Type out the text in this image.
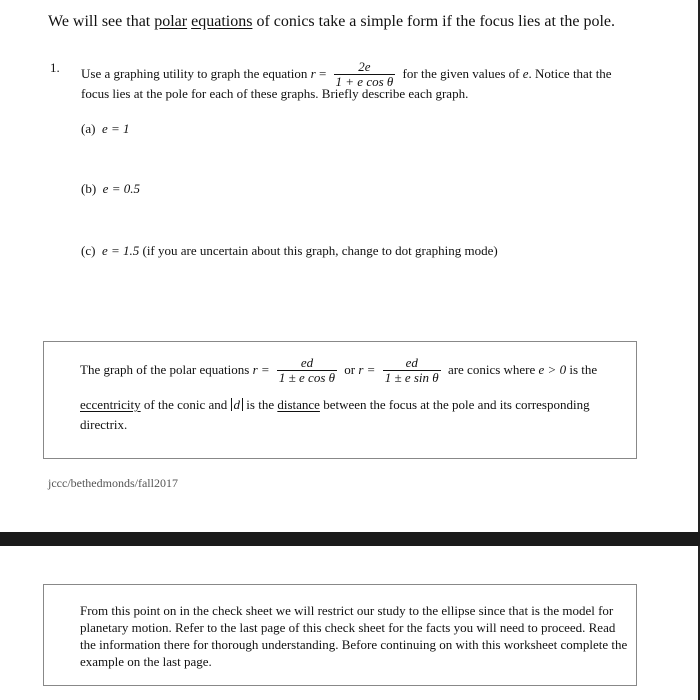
We will see that polar equations of conics take a simple form if the focus lies at the pole.
1. Use a graphing utility to graph the equation $r = \frac{2e}{\text{1 + e cos θ}}$ for the given values of e. Notice that the
focus lies at the pole for each of these graphs. Briefly describe each graph.
(a) e = 1
(b) e = 0.5
(c) e = 1.5 (if you are uncertain about this graph, change to dot graphing mode)
The graph of the polar equations $r = \frac{ed}{\text{1 ± e cos θ}}$ or $r = \frac{ed}{\text{1 ± e sin θ}}$ are conics where e > 0 is the
eccentricity of the conic and d is the distance between the focus at the pole and its corresponding
directrix.
jccc/bethedmonds/fall2017
From this point on in the check sheet we will restrict our study to the ellipse since that is the model for planetary motion. Refer to the last page of this check sheet for the facts you will need to proceed. Read the information there for thorough understanding. Before continuing on with this worksheet complete the example on the last page.
